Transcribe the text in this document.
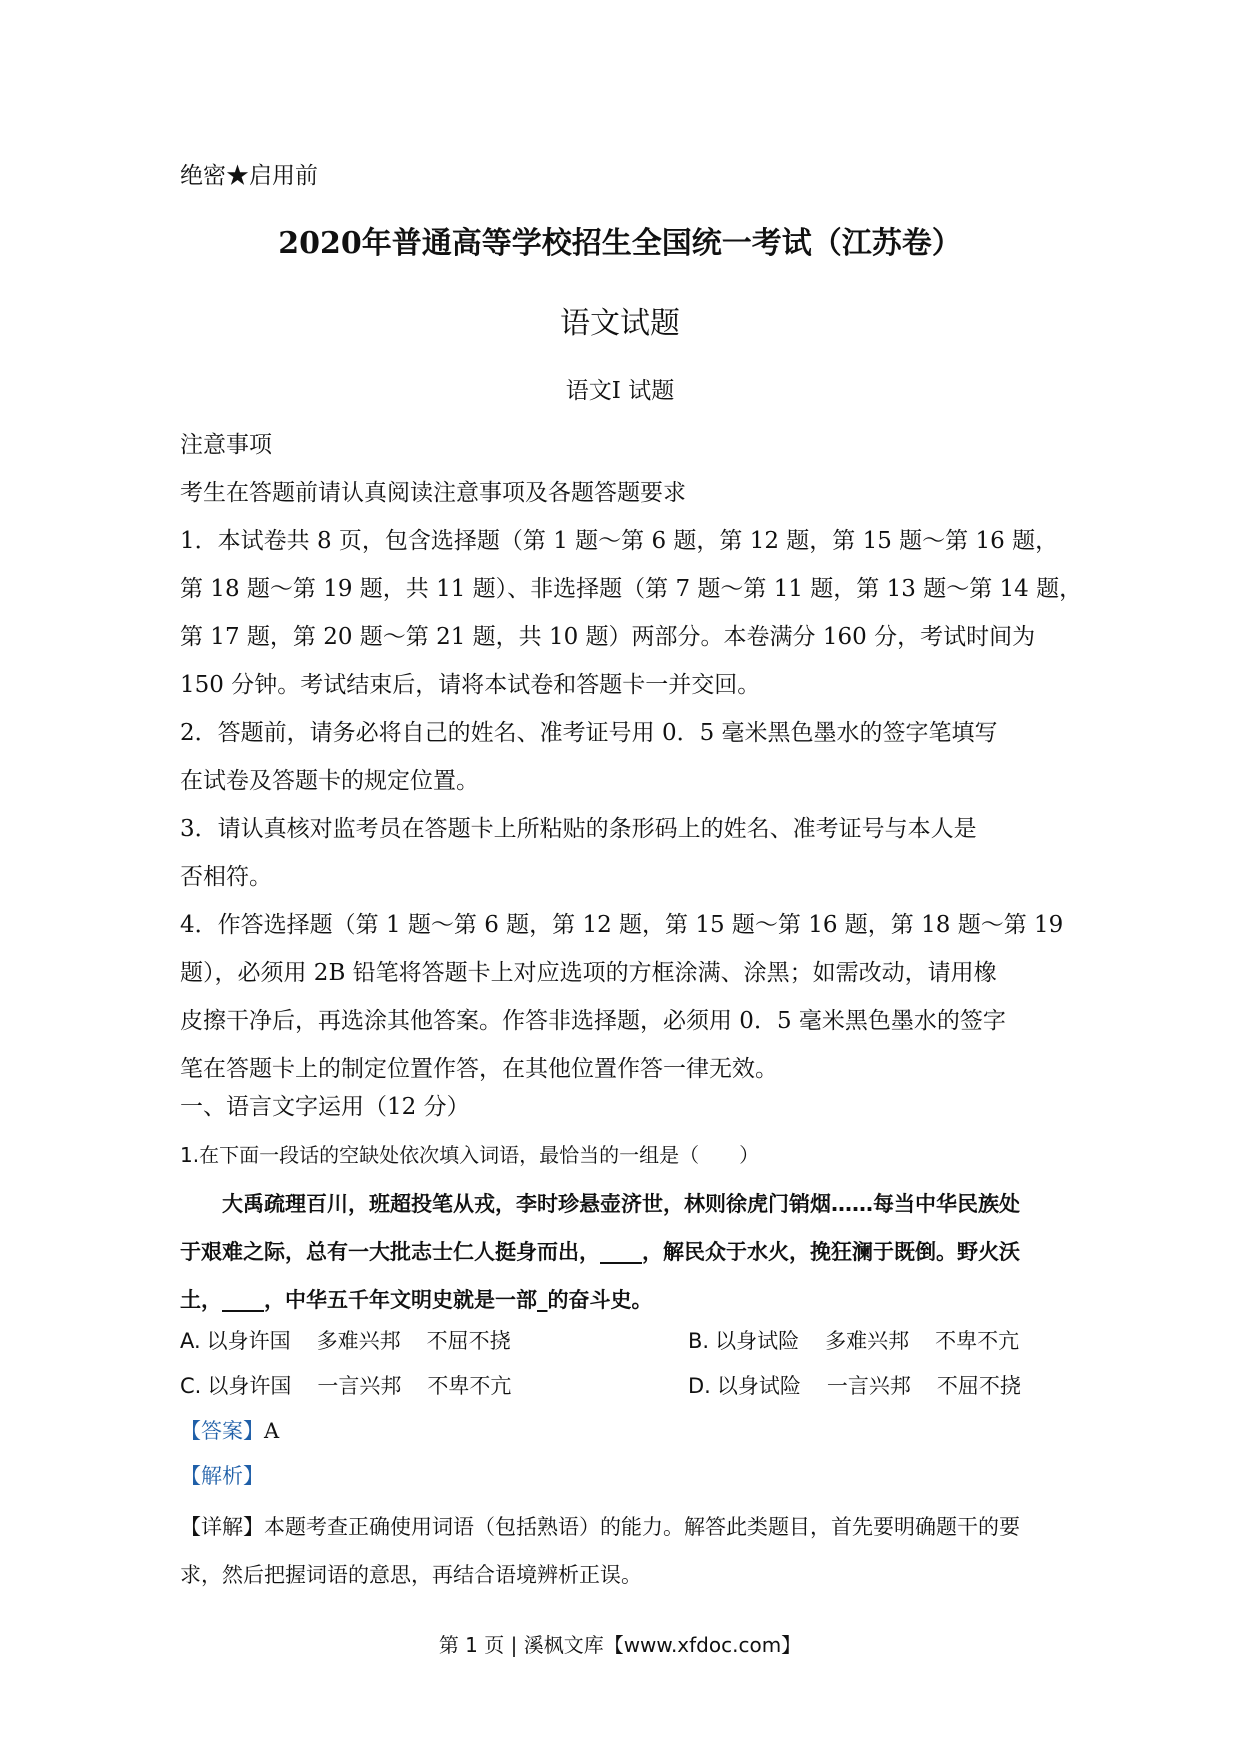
绝密★启用前
2020年普通高等学校招生全国统一考试（江苏卷）
语文试题
语文Ⅰ 试题

注意事项

考生在答题前请认真阅读注意事项及各题答题要求

1．本试卷共 8 页，包含选择题（第 1 题～第 6 题，第 12 题，第 15 题～第 16 题，

第 18 题～第 19 题，共 11 题）、非选择题（第 7 题～第 11 题，第 13 题～第 14 题，

第 17 题，第 20 题～第 21 题，共 10 题）两部分。本卷满分 160 分，考试时间为

150 分钟。考试结束后，请将本试卷和答题卡一并交回。

2．答题前，请务必将自己的姓名、准考证号用 0．5 毫米黑色墨水的签字笔填写

在试卷及答题卡的规定位置。

3．请认真核对监考员在答题卡上所粘贴的条形码上的姓名、准考证号与本人是

否相符。

4．作答选择题（第 1 题～第 6 题，第 12 题，第 15 题～第 16 题，第 18 题～第 19

题），必须用 2B 铅笔将答题卡上对应选项的方框涂满、涂黑；如需改动，请用橡

皮擦干净后，再选涂其他答案。作答非选择题，必须用 0．5 毫米黑色墨水的签字

笔在答题卡上的制定位置作答，在其他位置作答一律无效。

一、语言文字运用（12 分）
1.在下面一段话的空缺处依次填入词语，最恰当的一组是（　　）

大禹疏理百川，班超投笔从戎，李时珍悬壶济世，林则徐虎门销烟……每当中华民族处

于艰难之际，总有一大批志士仁人挺身而出，____，解民众于水火，挽狂澜于既倒。野火沃

土，____，中华五千年文明史就是一部_的奋斗史。

A. 以身许国 多难兴邦 不屈不挠	B. 以身试险 多难兴邦 不卑不亢
C. 以身许国 一言兴邦 不卑不亢	D. 以身试险 一言兴邦 不屈不挠
【答案】A
【解析】

【详解】本题考查正确使用词语（包括熟语）的能力。解答此类题目，首先要明确题干的要

求，然后把握词语的意思，再结合语境辨析正误。

第 1 页 | 溪枫文库【www.xfdoc.com】
